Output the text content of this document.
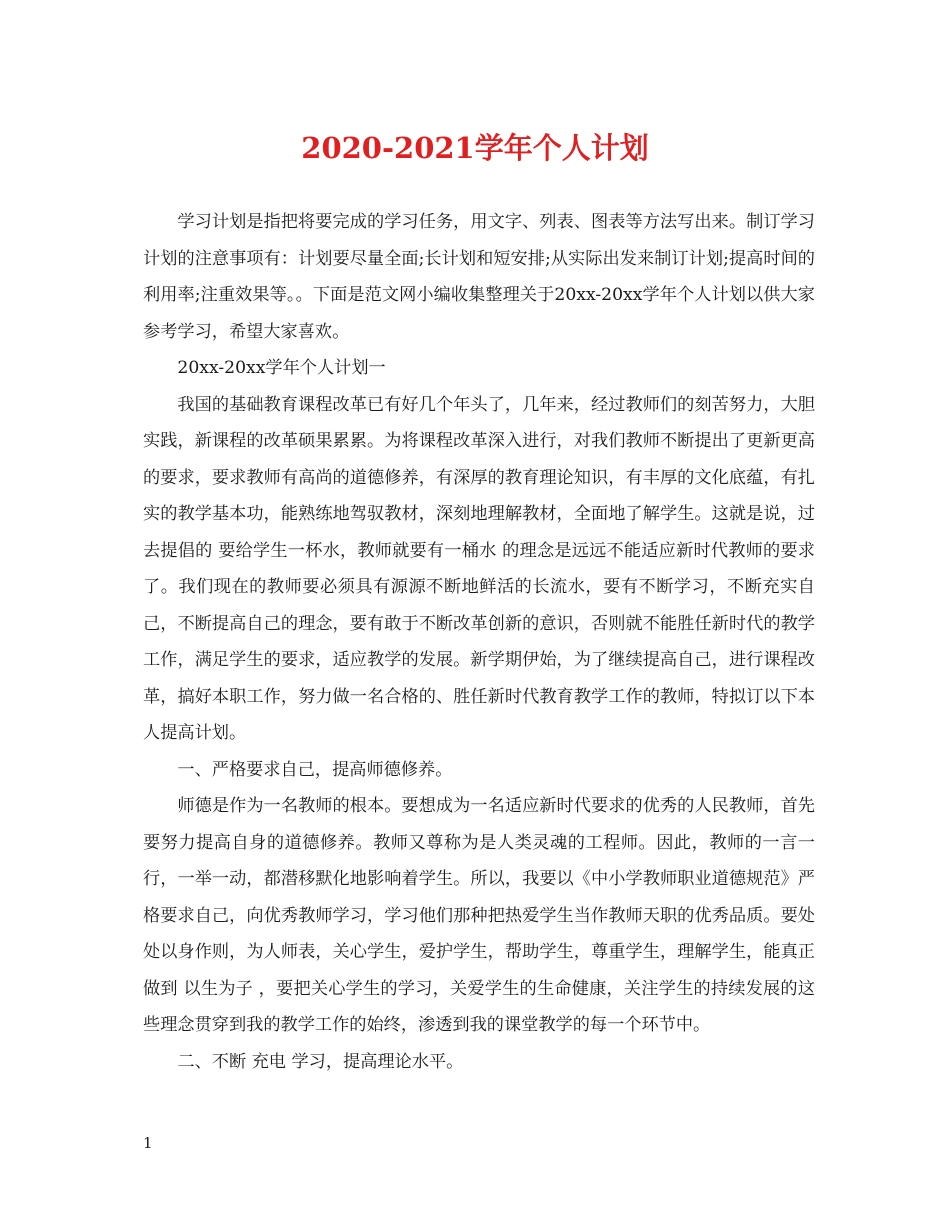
2020-2021学年个人计划

学习计划是指把将要完成的学习任务，用文字、列表、图表等方法写出来。制订学习计划的注意事项有：计划要尽量全面;长计划和短安排;从实际出发来制订计划;提高时间的利用率;注重效果等。。下面是范文网小编收集整理关于20xx-20xx学年个人计划以供大家参考学习，希望大家喜欢。

20xx-20xx学年个人计划一

我国的基础教育课程改革已有好几个年头了，几年来，经过教师们的刻苦努力，大胆实践，新课程的改革硕果累累。为将课程改革深入进行，对我们教师不断提出了更新更高的要求，要求教师有高尚的道德修养，有深厚的教育理论知识，有丰厚的文化底蕴，有扎实的教学基本功，能熟练地驾驭教材，深刻地理解教材，全面地了解学生。这就是说，过去提倡的 要给学生一杯水，教师就要有一桶水 的理念是远远不能适应新时代教师的要求了。我们现在的教师要必须具有源源不断地鲜活的长流水，要有不断学习，不断充实自己，不断提高自己的理念，要有敢于不断改革创新的意识，否则就不能胜任新时代的教学工作，满足学生的要求，适应教学的发展。新学期伊始，为了继续提高自己，进行课程改革，搞好本职工作，努力做一名合格的、胜任新时代教育教学工作的教师，特拟订以下本人提高计划。

一、严格要求自己，提高师德修养。

师德是作为一名教师的根本。要想成为一名适应新时代要求的优秀的人民教师，首先要努力提高自身的道德修养。教师又尊称为是人类灵魂的工程师。因此，教师的一言一行，一举一动，都潜移默化地影响着学生。所以，我要以《中小学教师职业道德规范》严格要求自己，向优秀教师学习，学习他们那种把热爱学生当作教师天职的优秀品质。要处处以身作则，为人师表，关心学生，爱护学生，帮助学生，尊重学生，理解学生，能真正做到 以生为子 ，要把关心学生的学习，关爱学生的生命健康，关注学生的持续发展的这些理念贯穿到我的教学工作的始终，渗透到我的课堂教学的每一个环节中。

二、不断 充电 学习，提高理论水平。

1
